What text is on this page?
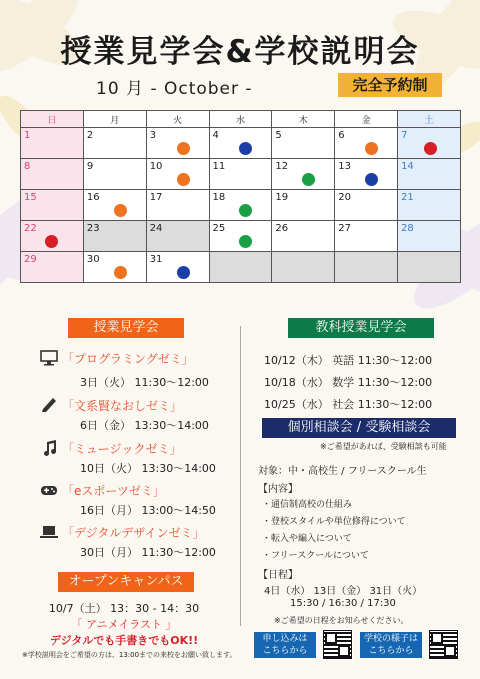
授業見学会&学校説明会
10 月 - October -	完全予約制
日	月	火	水	木	金	土
1	2	3	4	5	6	7

8	9	10	11	12	13	14
15	16	17	18	19	20	21
22	23	24	25	26	27	28
29	30	31

授業見学会
「プログラミングゼミ」
3日（火） 11:30～12:00
「文系賢なおしゼミ」
6日（金） 13:30～14:00
「ミュージックゼミ」
10日（火） 13:30～14:00
「eスポーツゼミ」
16日（月） 13:00～14:50
「デジタルデザインゼミ」
30日（月） 11:30～12:00
オープンキャンパス
10/7（土） 13：30 - 14：30
「 アニメイラスト 」
デジタルでも手書きでもOK!!
※学校説明会をご希望の方は、13:00までの来校をお願い致します。
教科授業見学会
10/12（木） 英語 11:30～12:00
10/18（水） 数学 11:30～12:00
10/25（水） 社会 11:30～12:00
個別相談会 / 受験相談会
※ご希望があれば、受験相談も可能
対象：中・高校生 / フリースクール生
【内容】
・通信制高校の仕組み
・登校スタイルや単位修得について
・転入や編入について
・フリースクールについて
【日程】
4日（水） 13日（金） 31日（火）
15:30 / 16:30 / 17:30
※ご希望の日程をお知らせください。
申し込みは
こちらから
学校の様子は
こちらから
